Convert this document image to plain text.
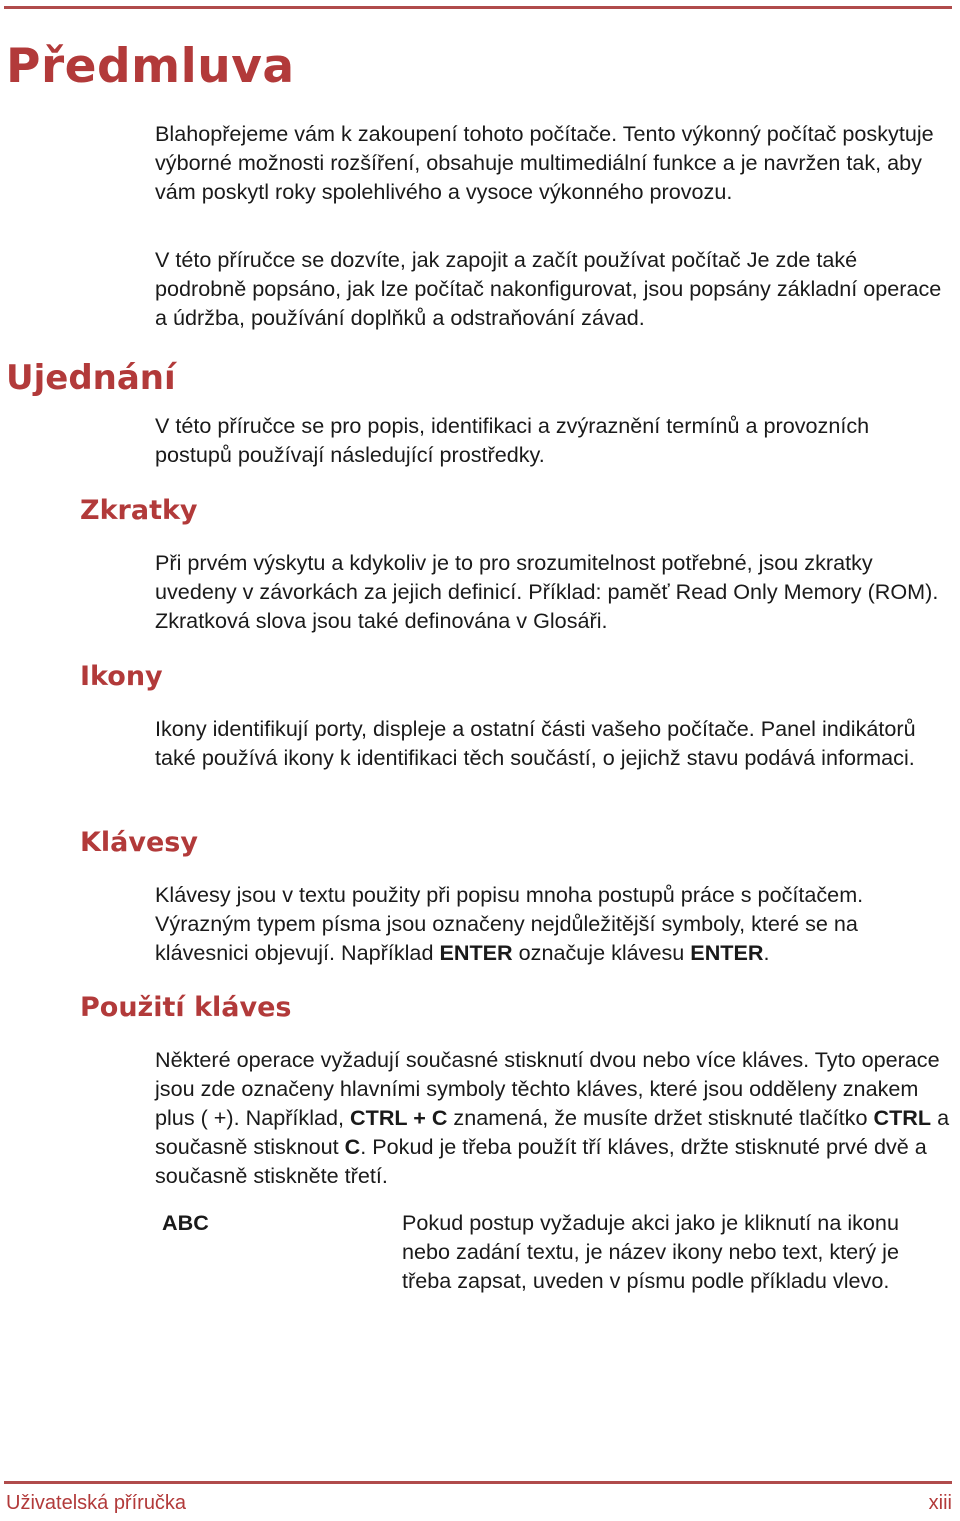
Předmluva

Blahopřejeme vám k zakoupení tohoto počítače. Tento výkonný počítač poskytuje výborné možnosti rozšíření, obsahuje multimediální funkce a je navržen tak, aby vám poskytl roky spolehlivého a vysoce výkonného provozu.

V této příručce se dozvíte, jak zapojit a začít používat počítač Je zde také podrobně popsáno, jak lze počítač nakonfigurovat, jsou popsány základní operace a údržba, používání doplňků a odstraňování závad.

Ujednání

V této příručce se pro popis, identifikaci a zvýraznění termínů a provozních postupů používají následující prostředky.

Zkratky

Při prvém výskytu a kdykoliv je to pro srozumitelnost potřebné, jsou zkratky uvedeny v závorkách za jejich definicí. Příklad: paměť Read Only Memory (ROM). Zkratková slova jsou také definována v Glosáři.

Ikony

Ikony identifikují porty, displeje a ostatní části vašeho počítače. Panel indikátorů také používá ikony k identifikaci těch součástí, o jejichž stavu podává informaci.

Klávesy

Klávesy jsou v textu použity při popisu mnoha postupů práce s počítačem. Výrazným typem písma jsou označeny nejdůležitější symboly, které se na klávesnici objevují. Například ENTER označuje klávesu ENTER.

Použití kláves

Některé operace vyžadují současné stisknutí dvou nebo více kláves. Tyto operace jsou zde označeny hlavními symboly těchto kláves, které jsou odděleny znakem plus ( +). Například, CTRL + C znamená, že musíte držet stisknuté tlačítko CTRL a současně stisknout C. Pokud je třeba použít tří kláves, držte stisknuté prvé dvě a současně stiskněte třetí.

ABC	Pokud postup vyžaduje akci jako je kliknutí na ikonu nebo zadání textu, je název ikony nebo text, který je třeba zapsat, uveden v písmu podle příkladu vlevo.

Uživatelská příručka	xiii
